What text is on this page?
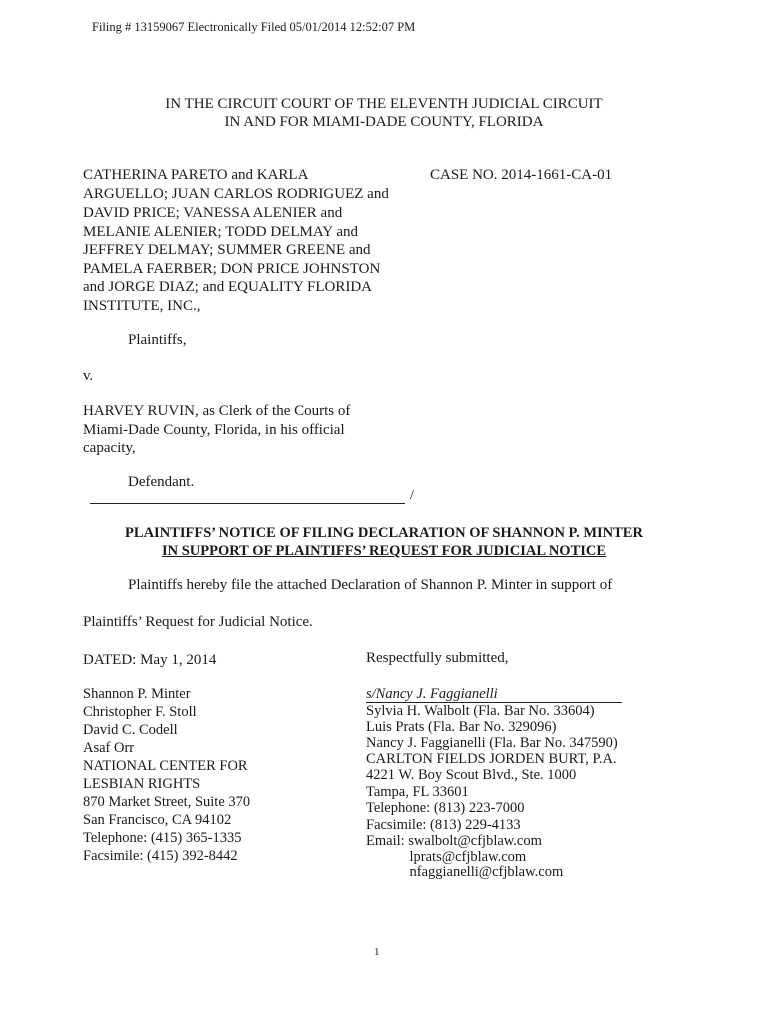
Filing # 13159067 Electronically Filed 05/01/2014 12:52:07 PM
IN THE CIRCUIT COURT OF THE ELEVENTH JUDICIAL CIRCUIT
IN AND FOR MIAMI-DADE COUNTY, FLORIDA
CATHERINA PARETO and KARLA
ARGUELLO; JUAN CARLOS RODRIGUEZ and
DAVID PRICE; VANESSA ALENIER and
MELANIE ALENIER; TODD DELMAY and
JEFFREY DELMAY; SUMMER GREENE and
PAMELA FAERBER; DON PRICE JOHNSTON
and JORGE DIAZ; and EQUALITY FLORIDA
INSTITUTE, INC.,
CASE NO. 2014-1661-CA-01
Plaintiffs,
v.
HARVEY RUVIN, as Clerk of the Courts of
Miami-Dade County, Florida, in his official
capacity,
Defendant.
/
PLAINTIFFS’ NOTICE OF FILING DECLARATION OF SHANNON P. MINTER
IN SUPPORT OF PLAINTIFFS’ REQUEST FOR JUDICIAL NOTICE
Plaintiffs hereby file the attached Declaration of Shannon P. Minter in support of
Plaintiffs’ Request for Judicial Notice.
DATED: May 1, 2014	Respectfully submitted,
Shannon P. Minter
Christopher F. Stoll
David C. Codell
Asaf Orr
NATIONAL CENTER FOR
LESBIAN RIGHTS
870 Market Street, Suite 370
San Francisco, CA 94102
Telephone: (415) 365-1335
Facsimile: (415) 392-8442
s/Nancy J. Faggianelli
Sylvia H. Walbolt (Fla. Bar No. 33604)
Luis Prats (Fla. Bar No. 329096)
Nancy J. Faggianelli (Fla. Bar No. 347590)
CARLTON FIELDS JORDEN BURT, P.A.
4221 W. Boy Scout Blvd., Ste. 1000
Tampa, FL 33601
Telephone: (813) 223-7000
Facsimile: (813) 229-4133
Email: swalbolt@cfjblaw.com
lprats@cfjblaw.com
nfaggianelli@cfjblaw.com
1
